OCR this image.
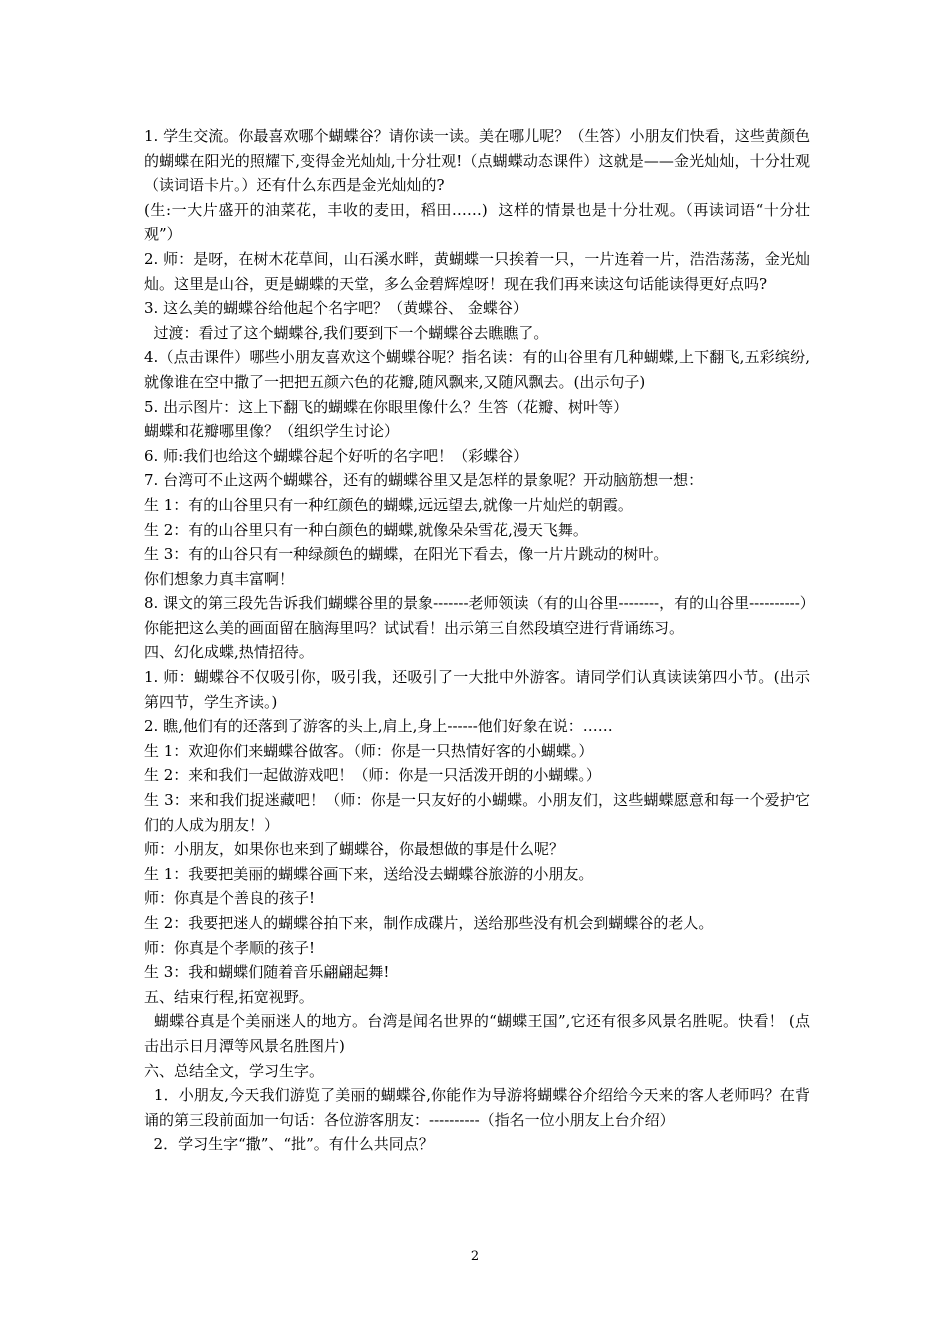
1. 学生交流。你最喜欢哪个蝴蝶谷？请你读一读。美在哪儿呢？（生答）小朋友们快看，这些黄颜色的蝴蝶在阳光的照耀下,变得金光灿灿,十分壮观!（点蝴蝶动态课件）这就是——金光灿灿，十分壮观（读词语卡片。）还有什么东西是金光灿灿的?

(生:一大片盛开的油菜花，丰收的麦田，稻田……)  这样的情景也是十分壮观。（再读词语“十分壮观”）

2. 师：是呀，在树木花草间，山石溪水畔，黄蝴蝶一只挨着一只，一片连着一片，浩浩荡荡，金光灿灿。这里是山谷，更是蝴蝶的天堂，多么金碧辉煌呀！现在我们再来读这句话能读得更好点吗?

3. 这么美的蝴蝶谷给他起个名字吧？（黄蝶谷、 金蝶谷）

过渡：看过了这个蝴蝶谷,我们要到下一个蝴蝶谷去瞧瞧了。

4.（点击课件）哪些小朋友喜欢这个蝴蝶谷呢？指名读：有的山谷里有几种蝴蝶,上下翻飞,五彩缤纷,就像谁在空中撒了一把把五颜六色的花瓣,随风飘来,又随风飘去。(出示句子)

5. 出示图片：这上下翻飞的蝴蝶在你眼里像什么？生答（花瓣、树叶等）

蝴蝶和花瓣哪里像？（组织学生讨论）

6. 师:我们也给这个蝴蝶谷起个好听的名字吧！（彩蝶谷）

7. 台湾可不止这两个蝴蝶谷，还有的蝴蝶谷里又是怎样的景象呢？开动脑筋想一想：

生 1：有的山谷里只有一种红颜色的蝴蝶,远远望去,就像一片灿烂的朝霞。

生 2：有的山谷里只有一种白颜色的蝴蝶,就像朵朵雪花,漫天飞舞。

生 3：有的山谷只有一种绿颜色的蝴蝶，在阳光下看去，像一片片跳动的树叶。

你们想象力真丰富啊！

8. 课文的第三段先告诉我们蝴蝶谷里的景象-------老师领读（有的山谷里--------，有的山谷里----------）

你能把这么美的画面留在脑海里吗？试试看！出示第三自然段填空进行背诵练习。

四、幻化成蝶,热情招待。

1. 师：蝴蝶谷不仅吸引你，吸引我，还吸引了一大批中外游客。请同学们认真读读第四小节。(出示第四节，学生齐读。)

2. 瞧,他们有的还落到了游客的头上,肩上,身上------他们好象在说：……

生 1：欢迎你们来蝴蝶谷做客。（师：你是一只热情好客的小蝴蝶。）

生 2：来和我们一起做游戏吧！（师：你是一只活泼开朗的小蝴蝶。）

生 3：来和我们捉迷藏吧！（师：你是一只友好的小蝴蝶。小朋友们，这些蝴蝶愿意和每一个爱护它们的人成为朋友！）

师：小朋友，如果你也来到了蝴蝶谷，你最想做的事是什么呢？

生 1：我要把美丽的蝴蝶谷画下来，送给没去蝴蝶谷旅游的小朋友。

师：你真是个善良的孩子!

生 2：我要把迷人的蝴蝶谷拍下来，制作成碟片，送给那些没有机会到蝴蝶谷的老人。

师：你真是个孝顺的孩子!

生 3：我和蝴蝶们随着音乐翩翩起舞!

五、结束行程,拓宽视野。

蝴蝶谷真是个美丽迷人的地方。台湾是闻名世界的“蝴蝶王国”,它还有很多风景名胜呢。快看！ (点击出示日月潭等风景名胜图片)

六、总结全文，学习生字。

1．小朋友,今天我们游览了美丽的蝴蝶谷,你能作为导游将蝴蝶谷介绍给今天来的客人老师吗？在背诵的第三段前面加一句话：各位游客朋友：----------（指名一位小朋友上台介绍）

2．学习生字“撒”、“批”。有什么共同点？

2
